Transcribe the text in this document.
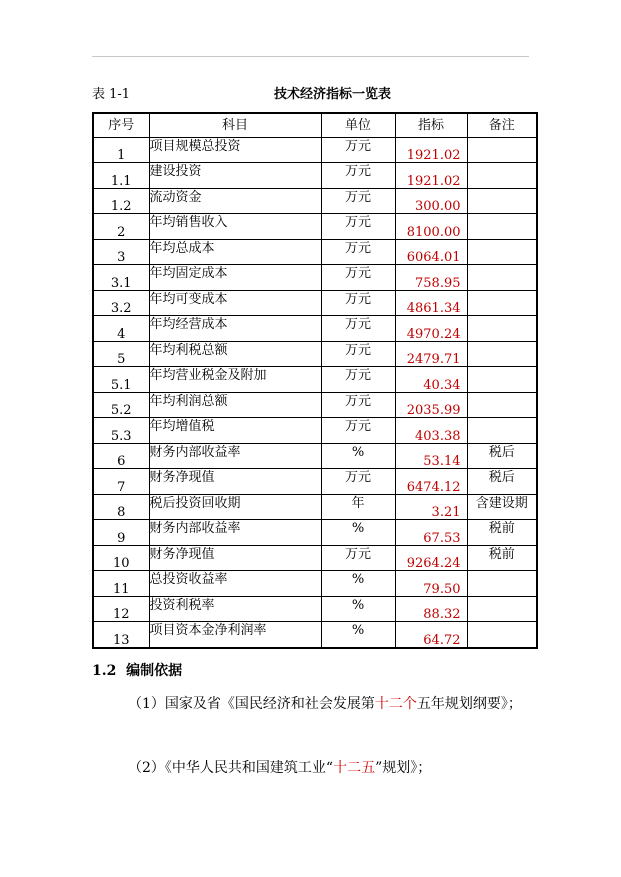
表 1-1	技术经济指标一览表
序号	科目	单位	指标	备注
1	项目规模总投资	万元	1921.02	
1.1	建设投资	万元	1921.02	
1.2	流动资金	万元	300.00	
2	年均销售收入	万元	8100.00	
3	年均总成本	万元	6064.01	
3.1	年均固定成本	万元	758.95	
3.2	年均可变成本	万元	4861.34	
4	年均经营成本	万元	4970.24	
5	年均利税总额	万元	2479.71	
5.1	年均营业税金及附加	万元	40.34	
5.2	年均利润总额	万元	2035.99	
5.3	年均增值税	万元	403.38	
6	财务内部收益率	%	53.14	税后
7	财务净现值	万元	6474.12	税后
8	税后投资回收期	年	3.21	含建设期
9	财务内部收益率	%	67.53	税前
10	财务净现值	万元	9264.24	税前
11	总投资收益率	%	79.50	
12	投资利税率	%	88.32	
13	项目资本金净利润率	%	64.72	
1.2 编制依据
（1）国家及省《国民经济和社会发展第十二个五年规划纲要》；
（2）《中华人民共和国建筑工业“十二五”规划》；
